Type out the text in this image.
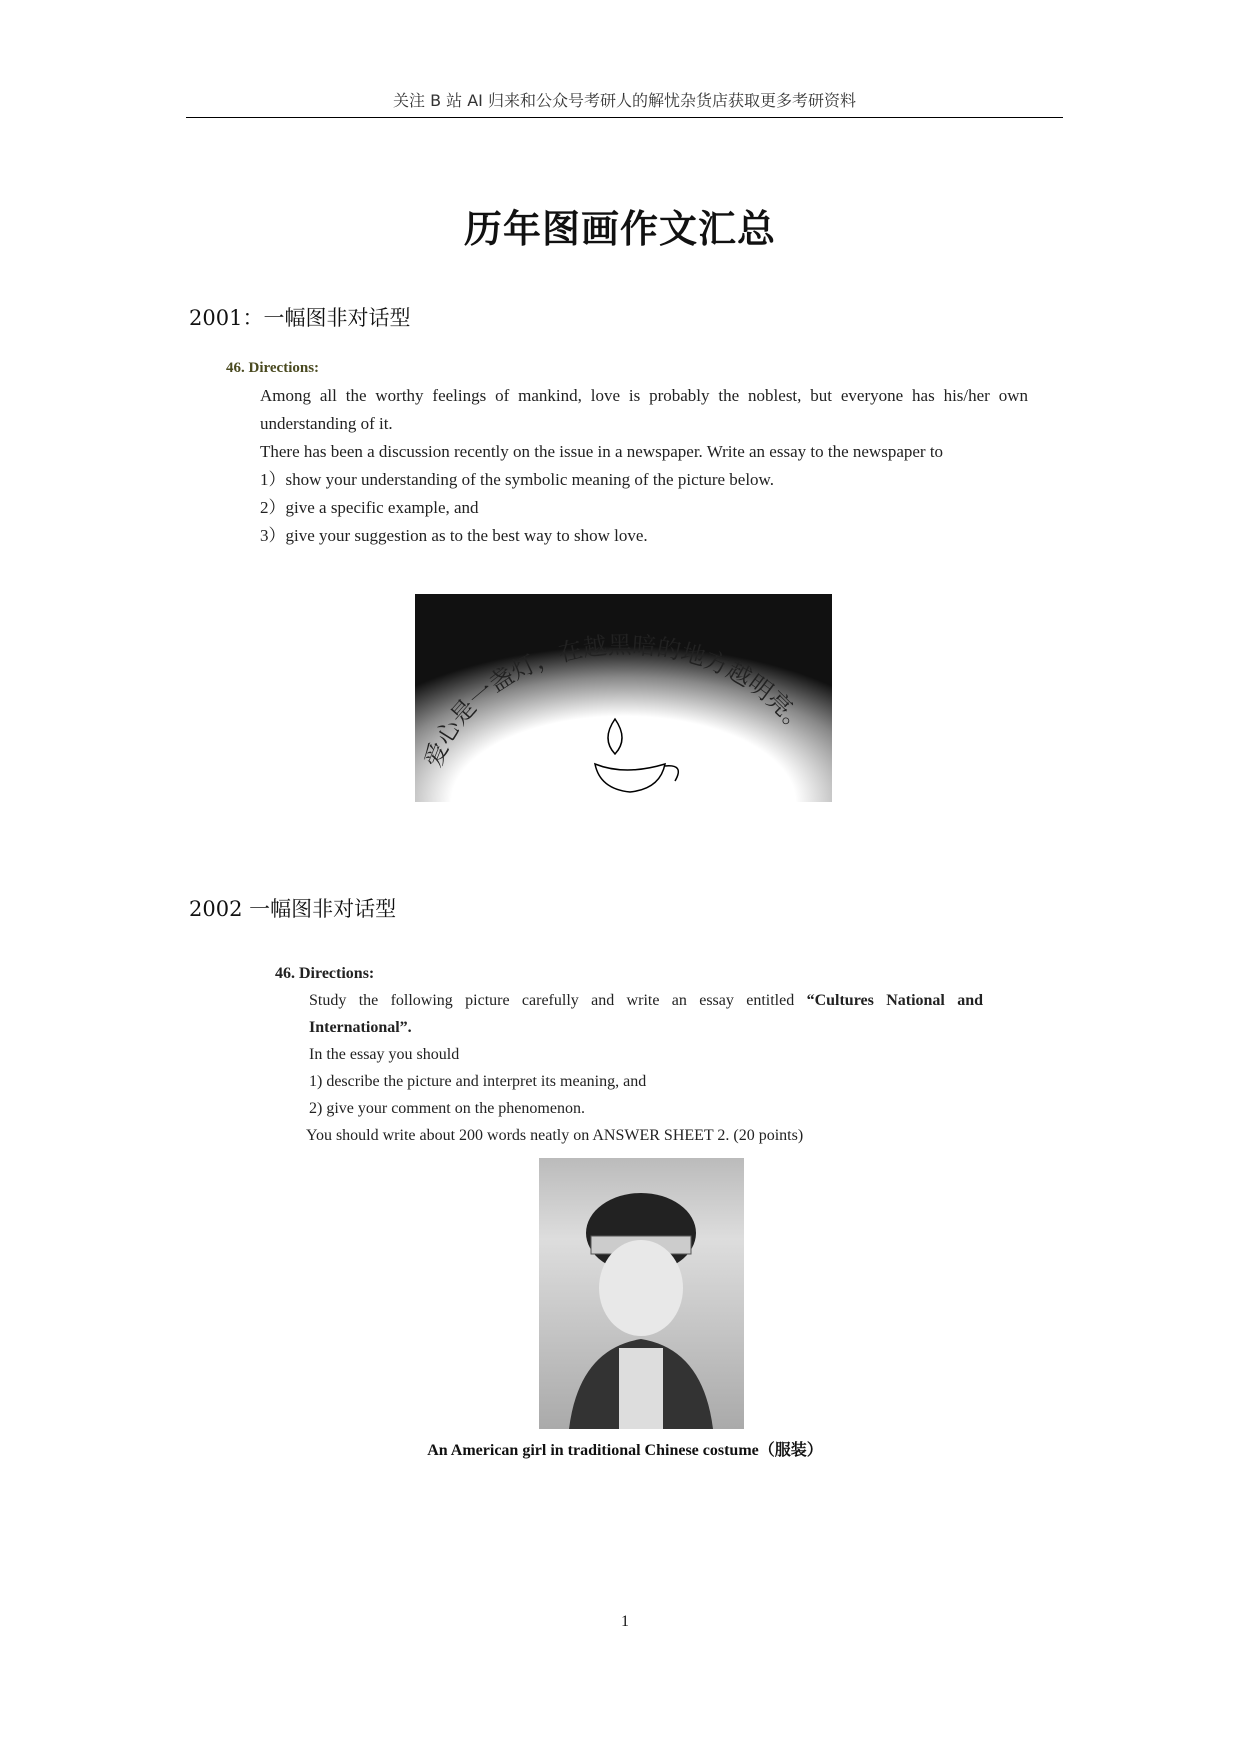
关注 B 站 AI 归来和公众号考研人的解忧杂货店获取更多考研资料
历年图画作文汇总
2001：一幅图非对话型

46. Directions:

Among all the worthy feelings of mankind, love is probably the noblest, but everyone has his/her own understanding of it.

There has been a discussion recently on the issue in a newspaper. Write an essay to the newspaper to

1）show your understanding of the symbolic meaning of the picture below.

2）give a specific example, and

3）give your suggestion as to the best way to show love.

爱心是一盏灯，在越黑暗的地方越明亮。
2002 一幅图非对话型

46. Directions:

Study the following picture carefully and write an essay entitled “Cultures National and International”.

In the essay you should

1) describe the picture and interpret its meaning, and

2) give your comment on the phenomenon.

You should write about 200 words neatly on ANSWER SHEET 2. (20 points)

An American girl in traditional Chinese costume（服装）
1
